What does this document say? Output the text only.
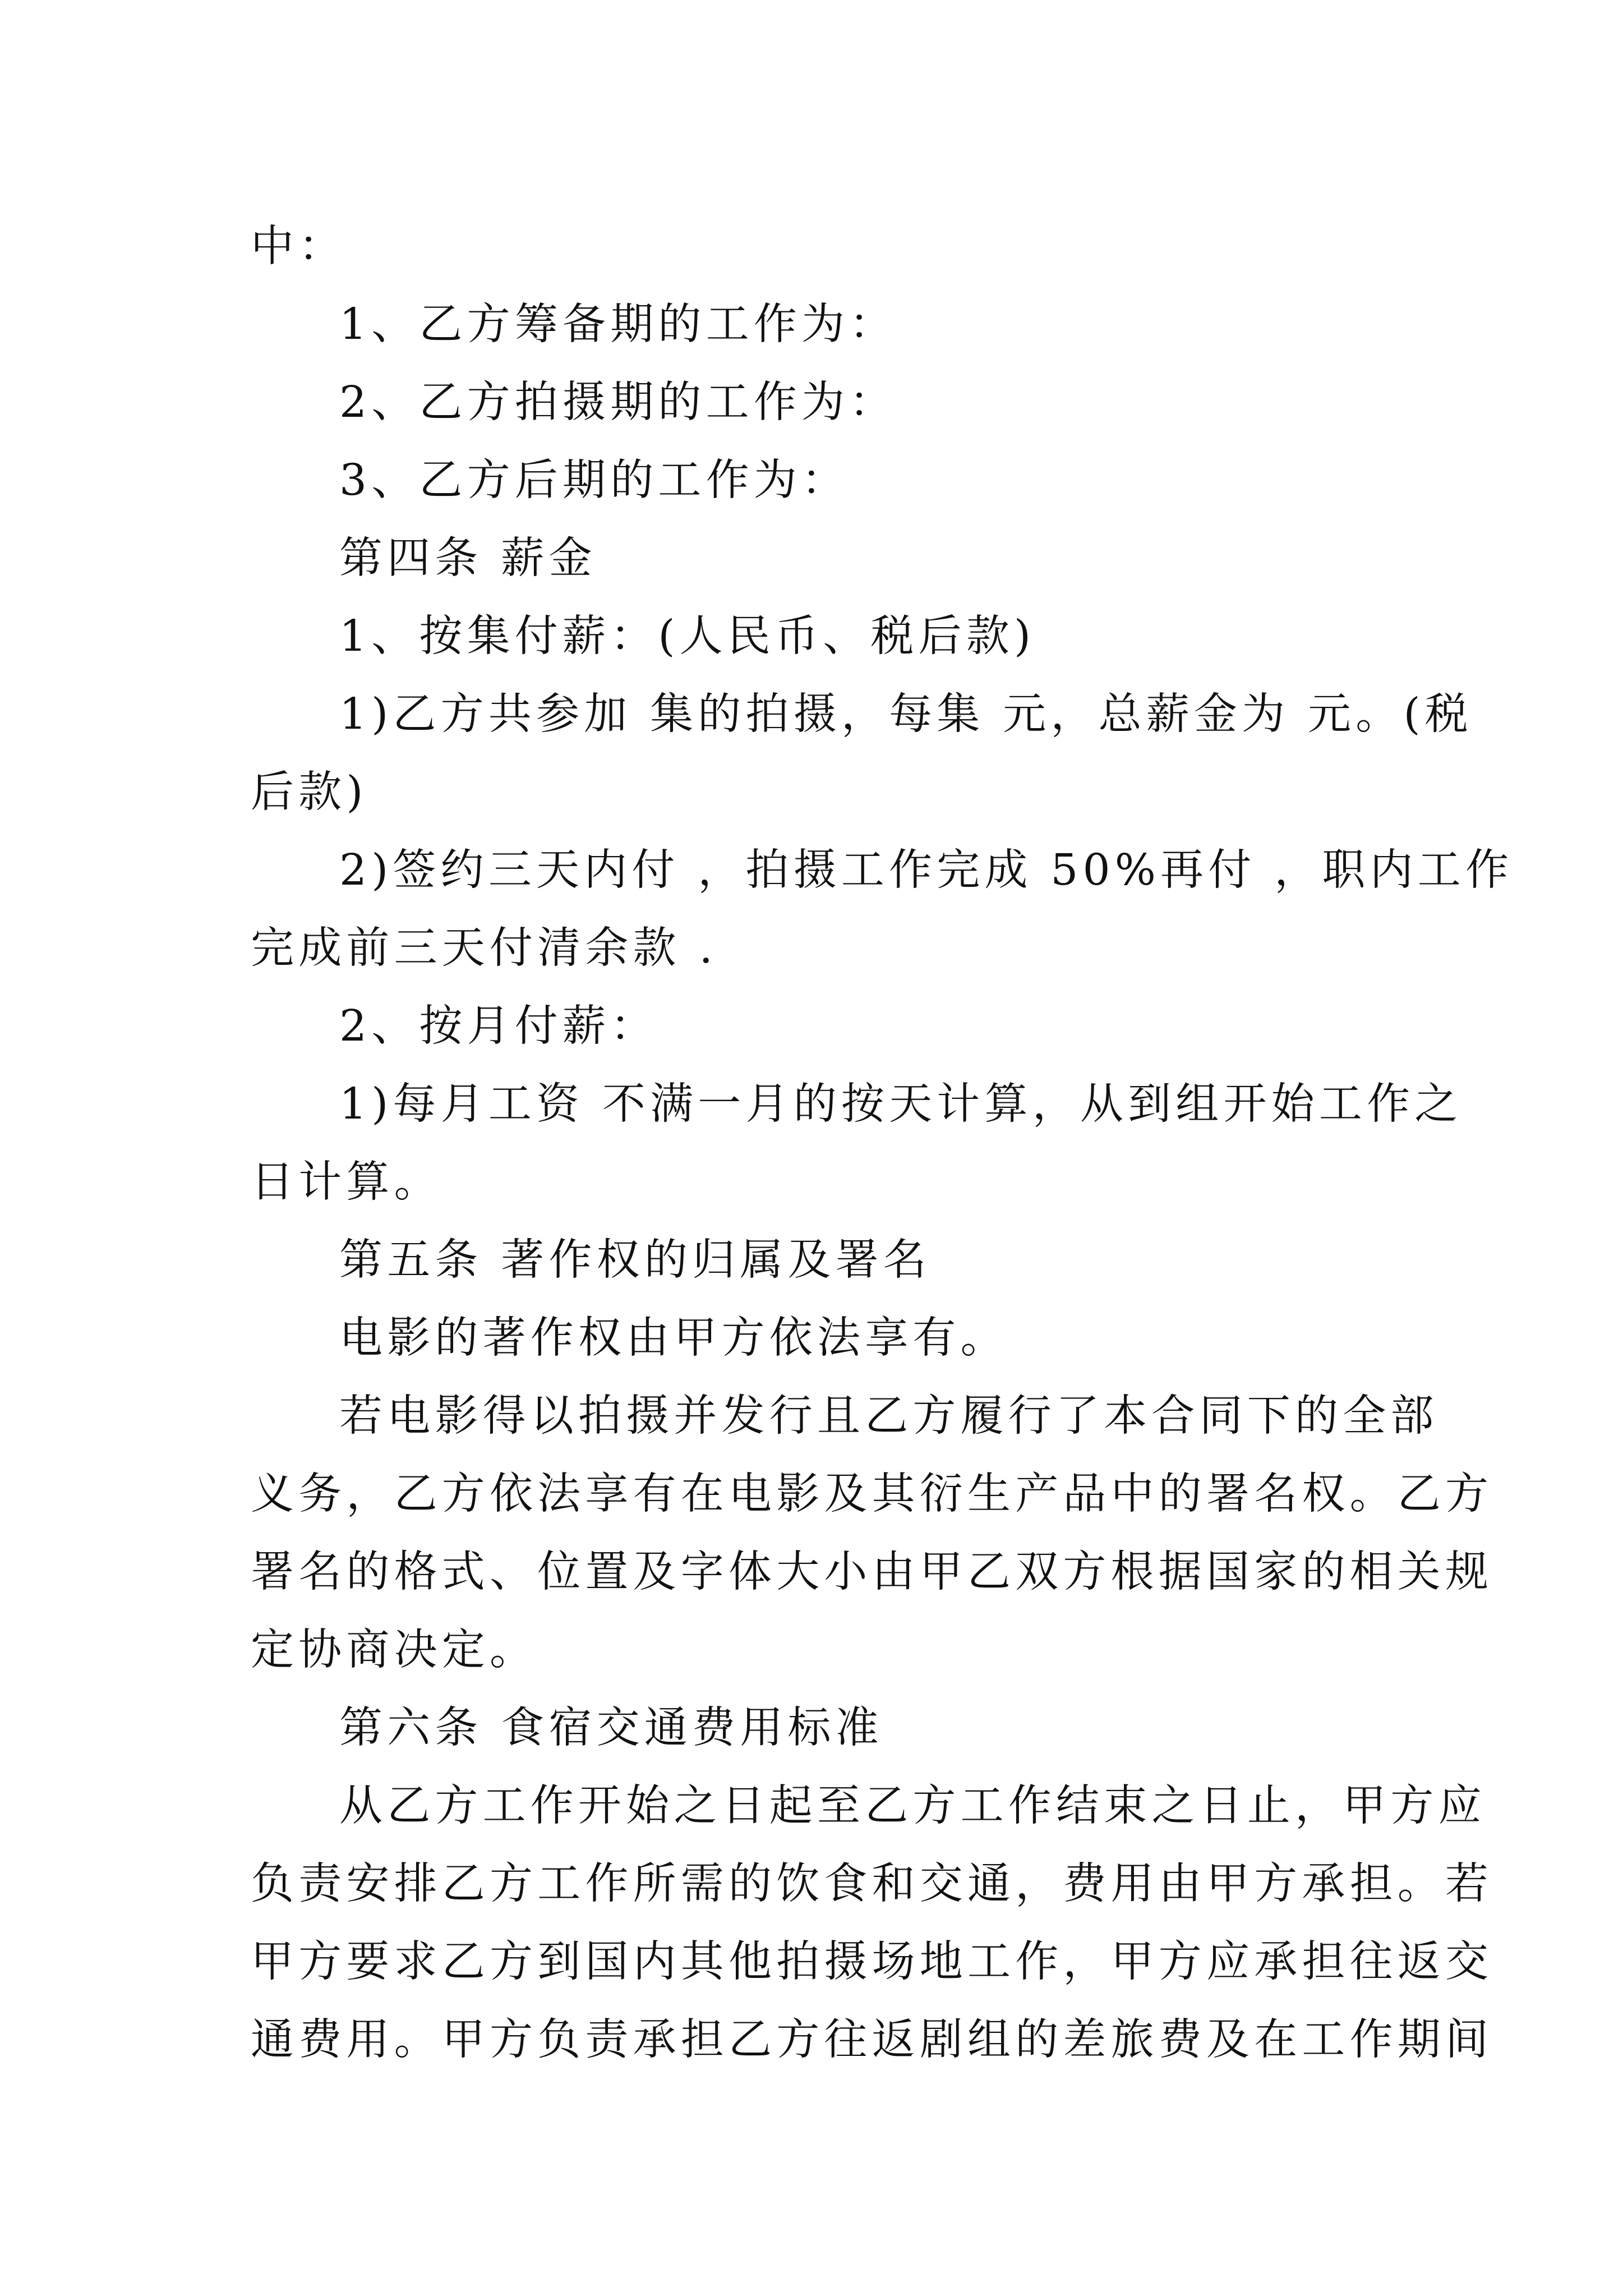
中：
1、乙方筹备期的工作为：
2、乙方拍摄期的工作为：
3、乙方后期的工作为：
第四条 薪金
1、按集付薪：(人民币、税后款)
1)乙方共参加 集的拍摄，每集 元，总薪金为 元。(税
后款)
2)签约三天内付 ，拍摄工作完成 50%再付 ，职内工作
完成前三天付清余款 .
2、按月付薪：
1)每月工资 不满一月的按天计算，从到组开始工作之
日计算。
第五条 著作权的归属及署名
电影的著作权由甲方依法享有。
若电影得以拍摄并发行且乙方履行了本合同下的全部
义务，乙方依法享有在电影及其衍生产品中的署名权。乙方
署名的格式、位置及字体大小由甲乙双方根据国家的相关规
定协商决定。
第六条 食宿交通费用标准
从乙方工作开始之日起至乙方工作结束之日止，甲方应
负责安排乙方工作所需的饮食和交通，费用由甲方承担。若
甲方要求乙方到国内其他拍摄场地工作，甲方应承担往返交
通费用。甲方负责承担乙方往返剧组的差旅费及在工作期间
